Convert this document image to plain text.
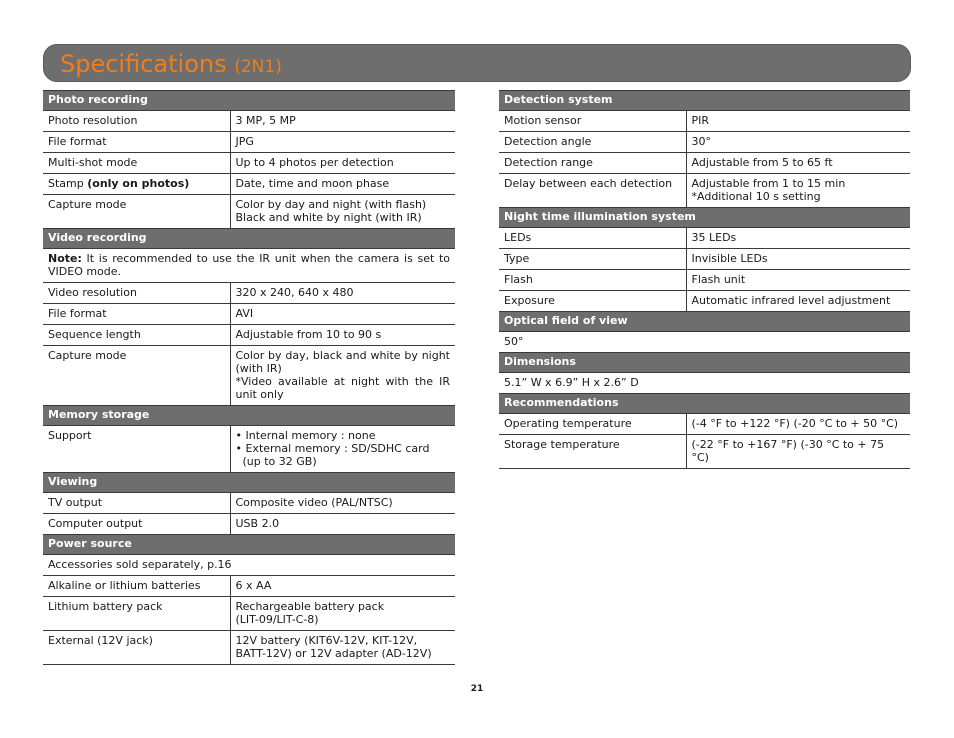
Specifications (2N1)
Photo recording	
Photo resolution	3 MP, 5 MP
File format	JPG
Multi-shot mode	Up to 4 photos per detection
Stamp (only on photos)	Date, time and moon phase
Capture mode	Color by day and night (with flash)
Black and white by night (with IR)

Video recording	
Note: It is recommended to use the IR unit when the camera is set to VIDEO mode.	
Video resolution	320 x 240, 640 x 480
File format	AVI
Sequence length	Adjustable from 10 to 90 s
Capture mode	Color by day, black and white by night (with IR)
*Video available at night with the IR unit only

Memory storage	
Support	• Internal memory : none
• External memory : SD/SDHC card
(up to 32 GB)

Viewing	
TV output	Composite video (PAL/NTSC)
Computer output	USB 2.0
Power source	
Accessories sold separately, p.16	
Alkaline or lithium batteries	6 x AA
Lithium battery pack	Rechargeable battery pack
(LIT-09/LIT-C-8)

External (12V jack)	12V battery (KIT6V-12V, KIT-12V,
BATT-12V) or 12V adapter (AD-12V)
Detection system	
Motion sensor	PIR
Detection angle	30°
Detection range	Adjustable from 5 to 65 ft
Delay between each detection	Adjustable from 1 to 15 min
*Additional 10 s setting

Night time illumination system	
LEDs	35 LEDs
Type	Invisible LEDs
Flash	Flash unit
Exposure	Automatic infrared level adjustment
Optical field of view	
50°	
Dimensions	
5.1” W x 6.9” H x 2.6” D	
Recommendations	
Operating temperature	(-4 °F to +122 °F) (-20 °C to + 50 °C)
Storage temperature	(-22 °F to +167 °F) (-30 °C to + 75 °C)
21
